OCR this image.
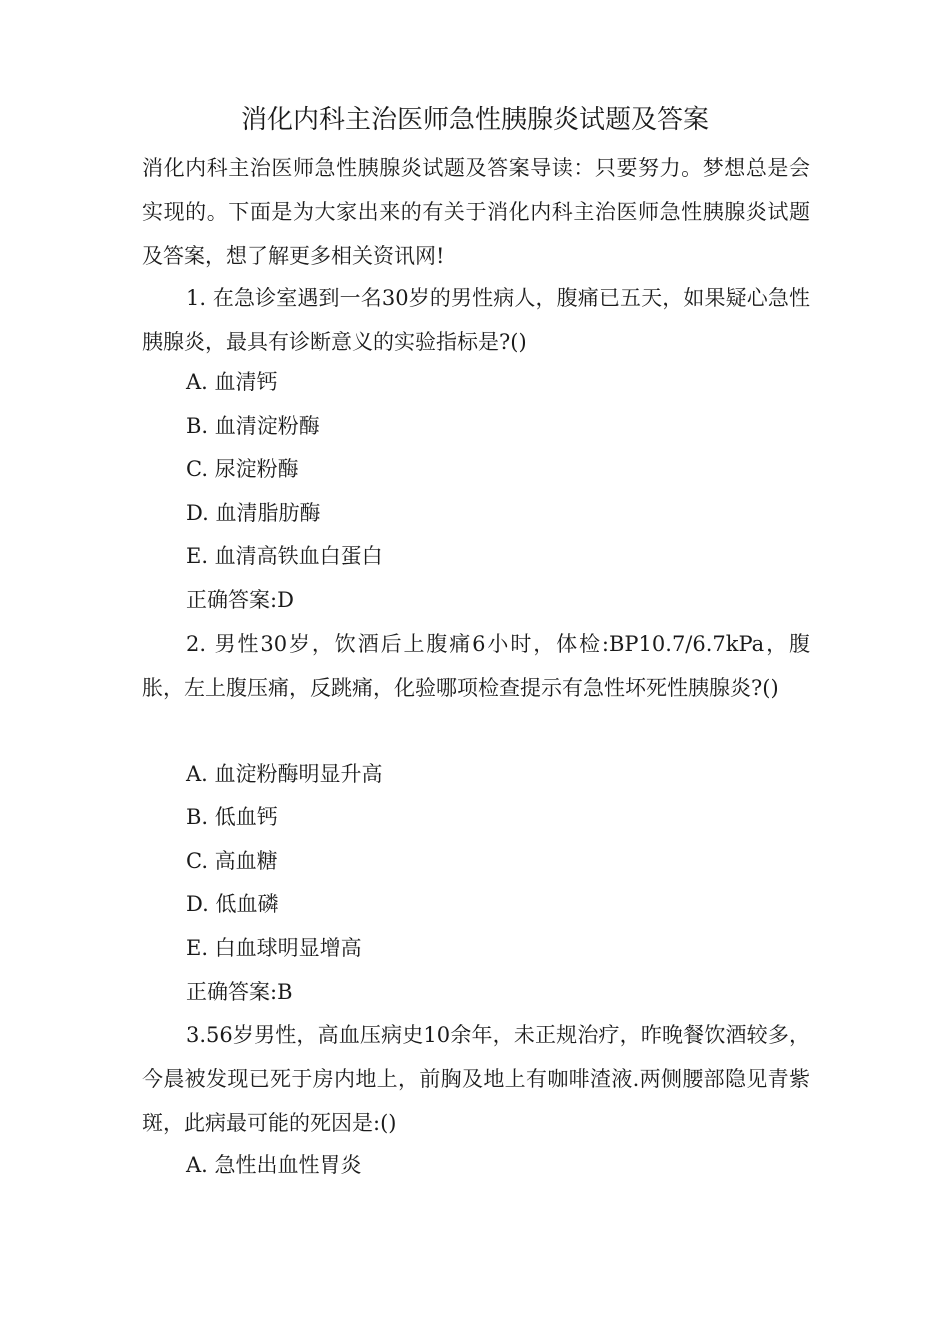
消化内科主治医师急性胰腺炎试题及答案
消化内科主治医师急性胰腺炎试题及答案导读：只要努力。梦想总是会实现的。下面是为大家出来的有关于消化内科主治医师急性胰腺炎试题及答案，想了解更多相关资讯网!
1. 在急诊室遇到一名30岁的男性病人，腹痛已五天，如果疑心急性胰腺炎，最具有诊断意义的实验指标是?()
A. 血清钙
B. 血清淀粉酶
C. 尿淀粉酶
D. 血清脂肪酶
E. 血清高铁血白蛋白
正确答案:D
2. 男性30岁，饮酒后上腹痛6小时，体检:BP10.7/6.7kPa，腹胀，左上腹压痛，反跳痛，化验哪项检查提示有急性坏死性胰腺炎?()
A. 血淀粉酶明显升高
B. 低血钙
C. 高血糖
D. 低血磷
E. 白血球明显增高
正确答案:B
3.56岁男性，高血压病史10余年，未正规治疗，昨晚餐饮酒较多，今晨被发现已死于房内地上，前胸及地上有咖啡渣液.两侧腰部隐见青紫斑，此病最可能的死因是:()
A. 急性出血性胃炎
